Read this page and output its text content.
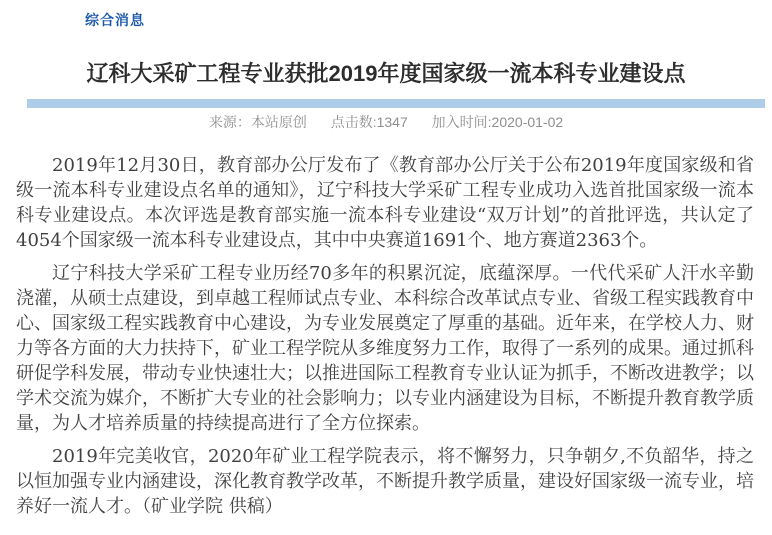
综合消息
辽科大采矿工程专业获批2019年度国家级一流本科专业建设点
来源：本站原创 点击数:1347 加入时间:2020-01-02

2019年12月30日，教育部办公厅发布了《教育部办公厅关于公布2019年度国家级和省级一流本科专业建设点名单的通知》，辽宁科技大学采矿工程专业成功入选首批国家级一流本科专业建设点。本次评选是教育部实施一流本科专业建设“双万计划”的首批评选，共认定了4054个国家级一流本科专业建设点，其中中央赛道1691个、地方赛道2363个。

辽宁科技大学采矿工程专业历经70多年的积累沉淀，底蕴深厚。一代代采矿人汗水辛勤浇灌，从硕士点建设，到卓越工程师试点专业、本科综合改革试点专业、省级工程实践教育中心、国家级工程实践教育中心建设，为专业发展奠定了厚重的基础。近年来，在学校人力、财力等各方面的大力扶持下，矿业工程学院从多维度努力工作，取得了一系列的成果。通过抓科研促学科发展，带动专业快速壮大；以推进国际工程教育专业认证为抓手，不断改进教学；以学术交流为媒介，不断扩大专业的社会影响力；以专业内涵建设为目标，不断提升教育教学质量，为人才培养质量的持续提高进行了全方位探索。

2019年完美收官，2020年矿业工程学院表示，将不懈努力，只争朝夕,不负韶华，持之以恒加强专业内涵建设，深化教育教学改革，不断提升教学质量，建设好国家级一流专业，培养好一流人才。（矿业学院 供稿）
